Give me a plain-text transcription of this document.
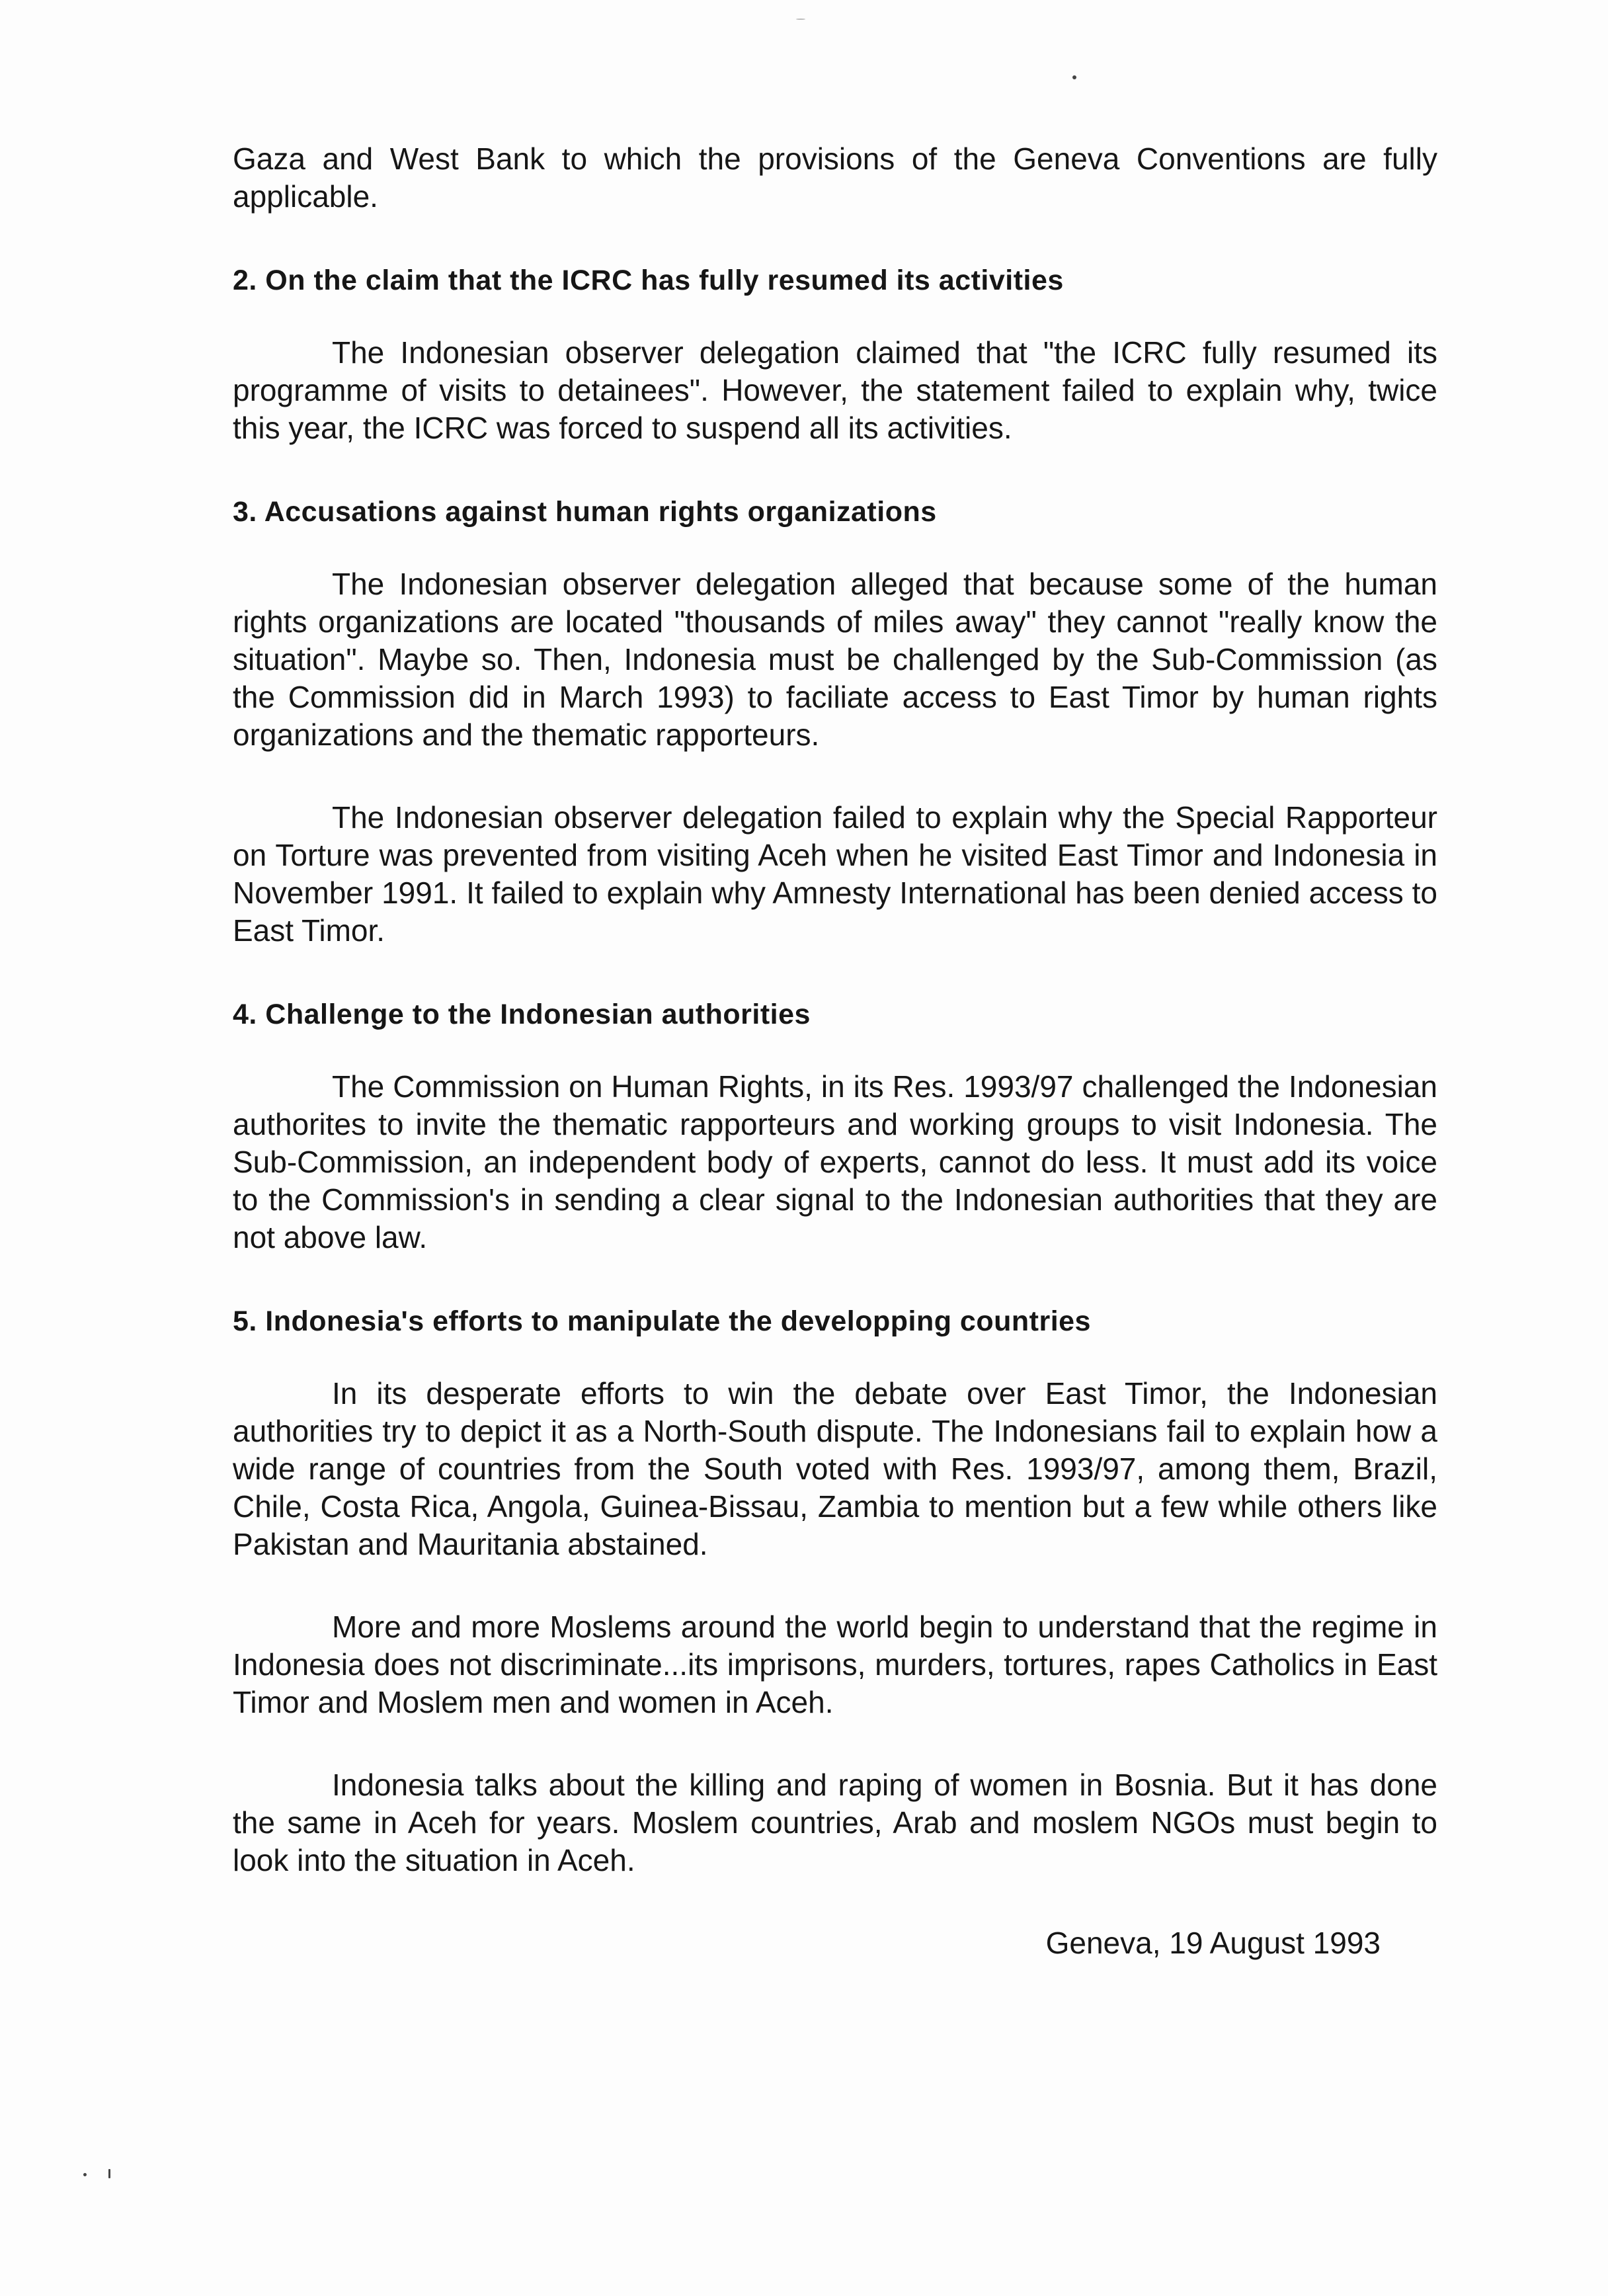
Gaza and West Bank to which the provisions of the Geneva Conventions are fully applicable.

2. On the claim that the ICRC has fully resumed its activities

The Indonesian observer delegation claimed that "the ICRC fully resumed its programme of visits to detainees". However, the statement failed to explain why, twice this year, the ICRC was forced to suspend all its activities.

3. Accusations against human rights organizations

The Indonesian observer delegation alleged that because some of the human rights organizations are located "thousands of miles away" they cannot "really know the situation". Maybe so. Then, Indonesia must be challenged by the Sub-Commission (as the Commission did in March 1993) to faciliate access to East Timor by human rights organizations and the thematic rapporteurs.

The Indonesian observer delegation failed to explain why the Special Rapporteur on Torture was prevented from visiting Aceh when he visited East Timor and Indonesia in November 1991. It failed to explain why Amnesty International has been denied access to East Timor.

4. Challenge to the Indonesian authorities

The Commission on Human Rights, in its Res. 1993/97 challenged the Indonesian authorites to invite the thematic rapporteurs and working groups to visit Indonesia. The Sub-Commission, an independent body of experts, cannot do less. It must add its voice to the Commission's in sending a clear signal to the Indonesian authorities that they are not above law.

5. Indonesia's efforts to manipulate the developping countries

In its desperate efforts to win the debate over East Timor, the Indonesian authorities try to depict it as a North-South dispute. The Indonesians fail to explain how a wide range of countries from the South voted with Res. 1993/97, among them, Brazil, Chile, Costa Rica, Angola, Guinea-Bissau, Zambia to mention but a few while others like Pakistan and Mauritania abstained.

More and more Moslems around the world begin to understand that the regime in Indonesia does not discriminate...its imprisons, murders, tortures, rapes Catholics in East Timor and Moslem men and women in Aceh.

Indonesia talks about the killing and raping of women in Bosnia. But it has done the same in Aceh for years. Moslem countries, Arab and moslem NGOs must begin to look into the situation in Aceh.

Geneva, 19 August 1993
